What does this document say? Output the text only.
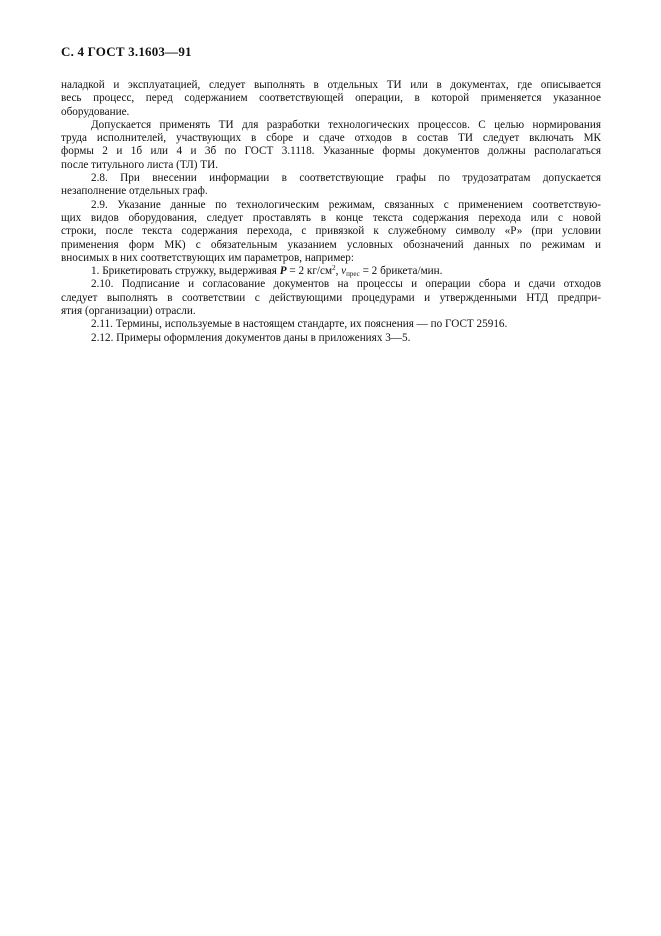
С. 4 ГОСТ 3.1603—91

наладкой и эксплуатацией, следует выполнять в отдельных ТИ или в документах, где описывается
весь процесс, перед содержанием соответствующей операции, в которой применяется указанное
оборудование.

Допускается применять ТИ для разработки технологических процессов. С целью нормирования
труда исполнителей, участвующих в сборе и сдаче отходов в состав ТИ следует включать МК
формы 2 и 1б или 4 и 3б по ГОСТ 3.1118. Указанные формы документов должны располагаться
после титульного листа (ТЛ) ТИ.

2.8. При внесении информации в соответствующие графы по трудозатратам допускается
незаполнение отдельных граф.

2.9. Указание данные по технологическим режимам, связанных с применением соответствую-
щих видов оборудования, следует проставлять в конце текста содержания перехода или с новой
строки, после текста содержания перехода, с привязкой к служебному символу «Р» (при условии
применения форм МК) с обязательным указанием условных обозначений данных по режимам и
вносимых в них соответствующих им параметров, например:

1. Брикетировать стружку, выдерживая P = 2 $кг/см^2$, $v_{прес} = 2$ брикета/мин.

2.10. Подписание и согласование документов на процессы и операции сбора и сдачи отходов
следует выполнять в соответствии с действующими процедурами и утвержденными НТД предпри-
ятия (организации) отрасли.

2.11. Термины, используемые в настоящем стандарте, их пояснения — по ГОСТ 25916.

2.12. Примеры оформления документов даны в приложениях 3—5.
